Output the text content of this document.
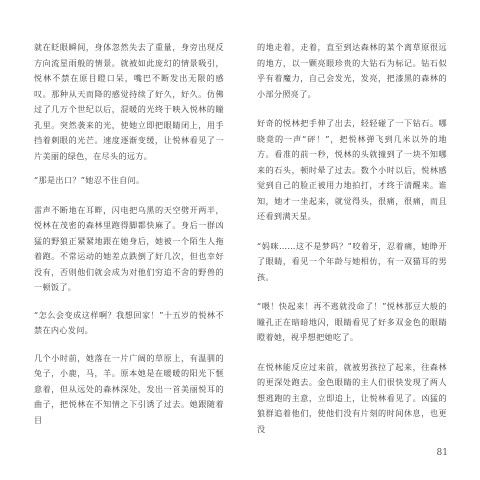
就在眨眼瞬间，身体忽然失去了重量，身旁出现反方向流星雨般的情景。就被如此庞幻的情景吸引，悦林不禁在原目瞪口呆，嘴巴不断发出无限的感叹。那种从天而降的感觉持续了好久，好久。仿佛过了几万个世纪以后，混暖的光终于映入悦林的瞳孔里。突然袭来的光，使她立即把眼睛闭上，用手挡着刺眼的光芒。速度逐渐变缓，让悦林看见了一片美丽的绿色，在尽头的远方。

“那是出口？”她忍不住自问。

雷声不断地在耳畔，闪电把乌黑的天空劈开两半，悦林在茂密的森林里跑得脚都快麻了。身后一群凶猛的野狼正紧紧地跟在她身后，她被一个陌生人拖着跑。不常运动的她差点跌倒了好几次，但也幸好没有，否则他们就会成为对他们穷追不舍的野兽的一顿饭了。

“怎么会变成这样啊？我想回家！”十五岁的悦林不禁在内心发问。

几个小时前，她落在一片广阔的草原上，有温驯的兔子，小鹿，马，羊。原本她是在暖暖的阳光下惬意着，但从远处的森林深处，发出一首美丽悦耳的曲子，把悦林在不知情之下引诱了过去。她跟随着目

的地走着，走着，直至到达森林的某个离草原很远的地方，以一颗亮眼珍贵的大钻石为标记。钻石似乎有着魔力，自己会发光，发亮，把漆黑的森林的小部分照亮了。

好奇的悦林把手伸了出去，轻轻碰了一下钻石。哪晓竟的一声“砰！”，把悦林弹飞到几米以外的地方。看准的前一秒，悦林的头就撞到了一块不知哪来的石头，顿时晕了过去。数个小时以后，悦林感觉到自己的脸正被用力地拍打，才终于清醒来。谁知，她才一坐起来，就觉得头，很痛，很痛，而且还看到满天星。

“妈咪……这不是梦吗？”咬着牙，忍着痛，她睁开了眼睛，看见一个年龄与她相仿，有一双猫耳的男孩。

“喂！快起来！再不逃就没命了！”悦林那豆大般的瞳孔正在暗暗地闪，眼睛看见了好多双金色的眼睛瞪着她，视乎想把她吃了。

在悦林能反应过来前，就被男孩拉了起来，往森林的更深处跑去。金色眼睛的主人们很快发现了两人想逃跑的主意，立即追上，让悦林看见了。凶猛的狼群追着他们，使他们没有片刻的时间休息，也更没

81
